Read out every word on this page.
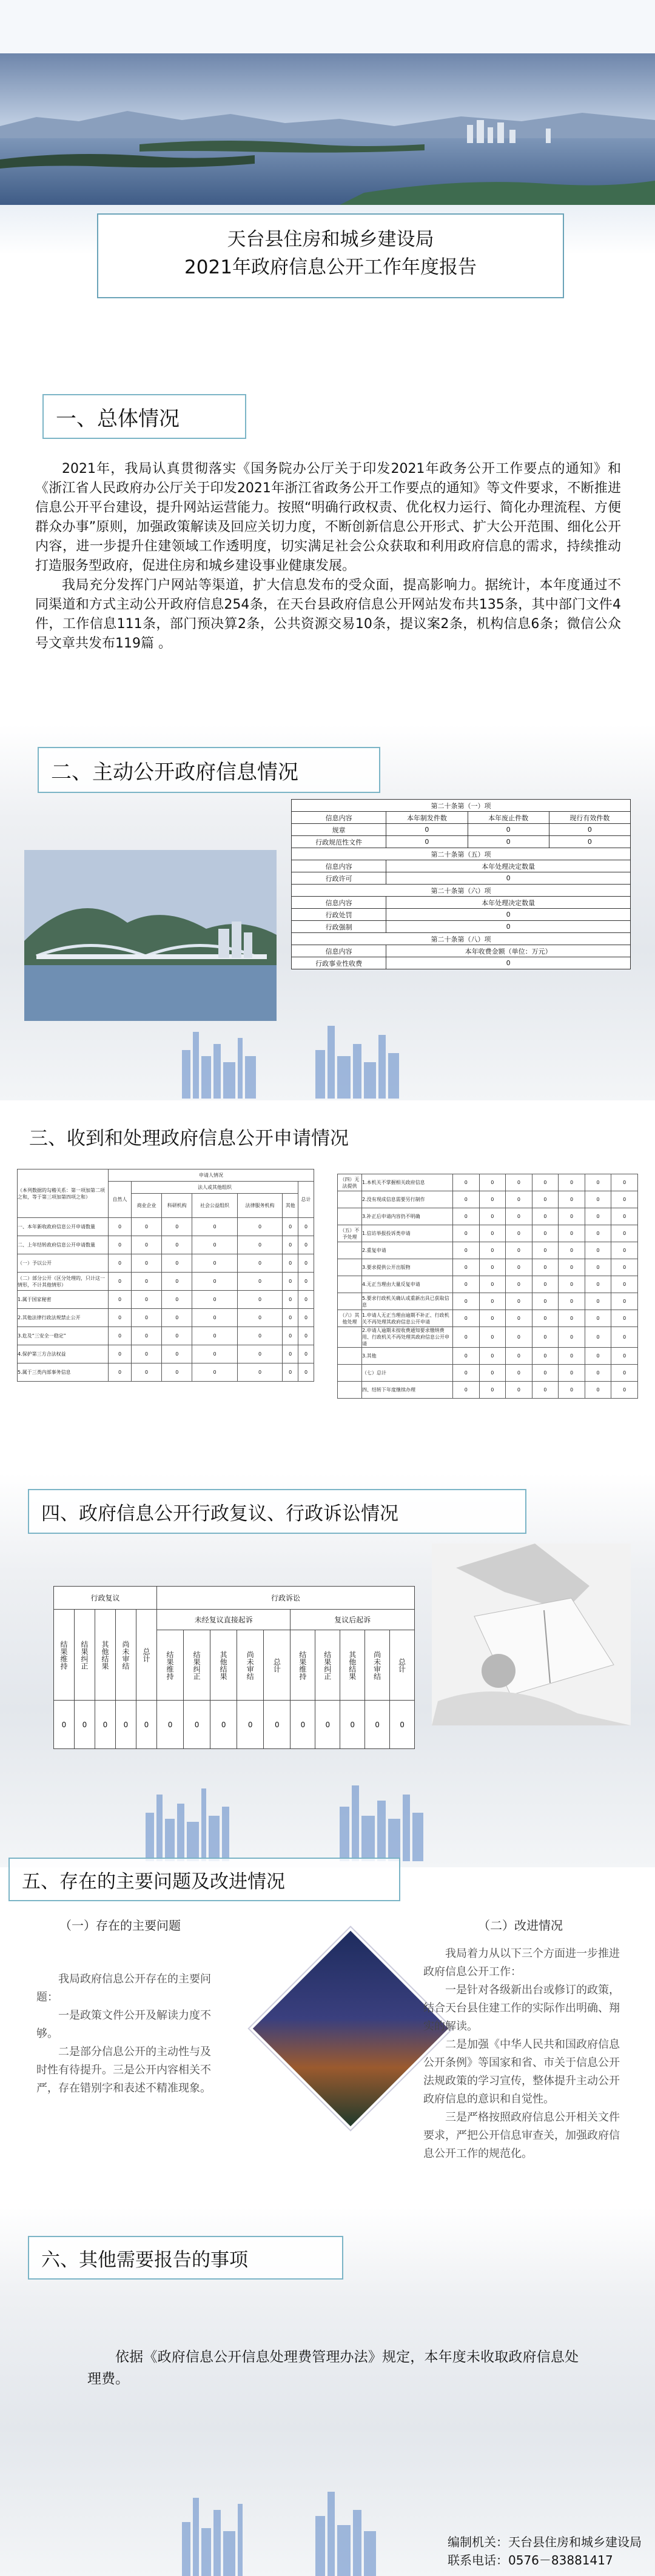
天台县住房和城乡建设局
2021年政府信息公开工作年度报告
一、总体情况

2021年，我局认真贯彻落实《国务院办公厅关于印发2021年政务公开工作要点的通知》和《浙江省人民政府办公厅关于印发2021年浙江省政务公开工作要点的通知》等文件要求，不断推进信息公开平台建设，提升网站运营能力。按照“明确行政权责、优化权力运行、简化办理流程、方便群众办事”原则，加强政策解读及回应关切力度，不断创新信息公开形式、扩大公开范围、细化公开内容，进一步提升住建领域工作透明度，切实满足社会公众获取和利用政府信息的需求，持续推动打造服务型政府，促进住房和城乡建设事业健康发展。

我局充分发挥门户网站等渠道，扩大信息发布的受众面，提高影响力。据统计，本年度通过不同渠道和方式主动公开政府信息254条，在天台县政府信息公开网站发布共135条，其中部门文件4件，工作信息111条，部门预决算2条，公共资源交易10条，提议案2条，机构信息6条；微信公众号文章共发布119篇 。

二、主动公开政府信息情况
第二十条第（一）项			
信息内容	本年制发件数	本年废止件数	现行有效件数
规章	0	0	0
行政规范性文件	0	0	0
第二十条第（五）项			
信息内容	本年处理决定数量		
行政许可	0		
第二十条第（六）项			
信息内容	本年处理决定数量		
行政处罚	0		
行政强制	0		
第二十条第（八）项			
信息内容	本年收费金额（单位：万元）		
行政事业性收费	0		
三、收到和处理政府信息公开申请情况
（本列数据的勾稽关系：第一项加第二项之和，等于第三项加第四项之和）	申请人情况						
	自然人	法人或其他组织					总计
		商业企业	科研机构	社会公益组织	法律服务机构	其他	
一、本年新收政府信息公开申请数量	0	0	0	0	0	0	0
二、上年结转政府信息公开申请数量	0	0	0	0	0	0	0
（一）予以公开	0	0	0	0	0	0	0
（二）部分公开（区分处理的，只计这一情形，不计其他情形）	0	0	0	0	0	0	0
1.属于国家秘密	0	0	0	0	0	0	0
2.其他法律行政法规禁止公开	0	0	0	0	0	0	0
3.危及“三安全一稳定”	0	0	0	0	0	0	0
4.保护第三方合法权益	0	0	0	0	0	0	0
5.属于三类内部事务信息	0	0	0	0	0	0	0
（四）无法提供	1.本机关不掌握相关政府信息	0	0	0	0	0	0	0
	2.没有现成信息需要另行制作	0	0	0	0	0	0	0
	3.补正后申请内容仍不明确	0	0	0	0	0	0	0
（五）不予处理	1.信访举报投诉类申请	0	0	0	0	0	0	0
	2.重复申请	0	0	0	0	0	0	0
	3.要求提供公开出版物	0	0	0	0	0	0	0
	4.无正当理由大量反复申请	0	0	0	0	0	0	0
	5.要求行政机关确认或重新出具已获取信息	0	0	0	0	0	0	0
（六）其他处理	1.申请人无正当理由逾期不补正、行政机关不再处理其政府信息公开申请	0	0	0	0	0	0	0
	2.申请人逾期未按收费通知要求缴纳费用、行政机关不再处理其政府信息公开申请	0	0	0	0	0	0	0
	3.其他	0	0	0	0	0	0	0
	（七）总计	0	0	0	0	0	0	0
	四、结转下年度继续办理	0	0	0	0	0	0	0
四、政府信息公开行政复议、行政诉讼情况
行政复议					行政诉讼									
结果维持	结果纠正	其他结果	尚未审结	总计	未经复议直接起诉					复议后起诉				
					结果维持	结果纠正	其他结果	尚未审结	总计	结果维持	结果纠正	其他结果	尚未审结	总计
0	0	0	0	0	0	0	0	0	0	0	0	0	0	0
五、存在的主要问题及改进情况
（一）存在的主要问题	（二）改进情况

我局政府信息公开存在的主要问题：

一是政策文件公开及解读力度不够。

二是部分信息公开的主动性与及时性有待提升。三是公开内容相关不严，存在错别字和表述不精准现象。

我局着力从以下三个方面进一步推进政府信息公开工作：

一是针对各级新出台或修订的政策，结合天台县住建工作的实际作出明确、翔实的解读。

二是加强《中华人民共和国政府信息公开条例》等国家和省、市关于信息公开法规政策的学习宣传，整体提升主动公开政府信息的意识和自觉性。

三是严格按照政府信息公开相关文件要求，严把公开信息审查关，加强政府信息公开工作的规范化。

六、其他需要报告的事项

依据《政府信息公开信息处理费管理办法》规定，本年度未收取政府信息处理费。

编制机关：天台县住房和城乡建设局
联系电话：0576－83881417
